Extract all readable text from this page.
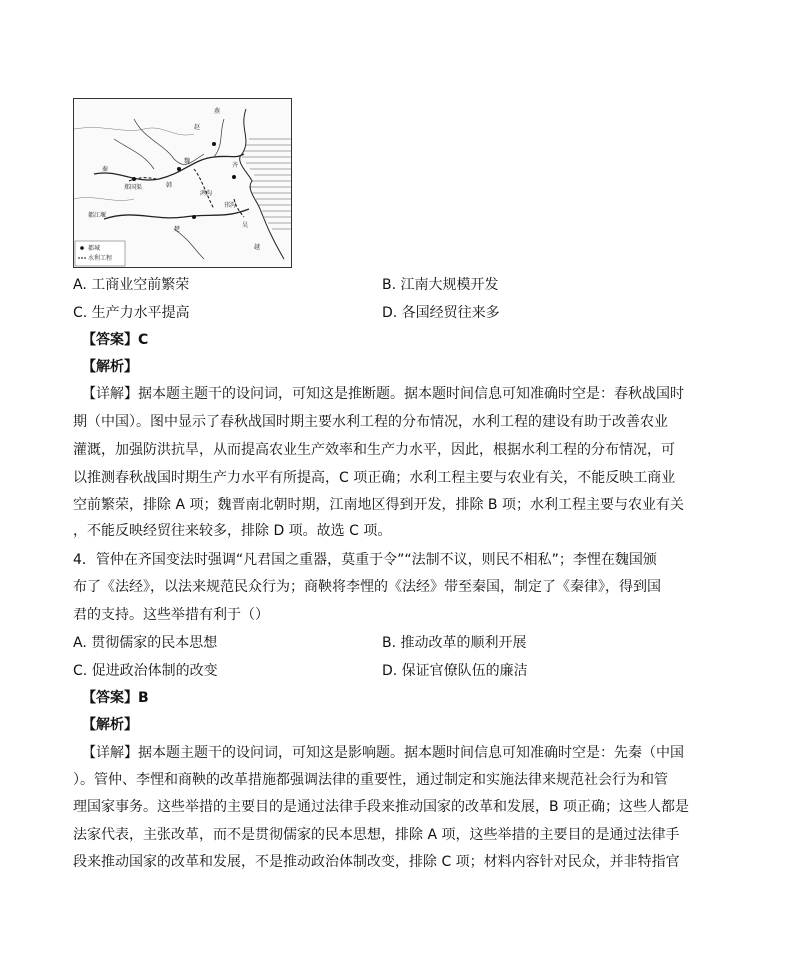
燕
赵
魏
韩
齐
秦
楚
吴
越
郑国渠
鸿沟
邗沟
都江堰
都城
水利工程
A. 工商业空前繁荣	B. 江南大规模开发
C. 生产力水平提高	D. 各国经贸往来多
【答案】C
【解析】
【详解】据本题主题干的设问词，可知这是推断题。据本题时间信息可知准确时空是：春秋战国时
期（中国）。图中显示了春秋战国时期主要水利工程的分布情况，水利工程的建设有助于改善农业
灌溉，加强防洪抗旱，从而提高农业生产效率和生产力水平，因此，根据水利工程的分布情况，可
以推测春秋战国时期生产力水平有所提高，C 项正确；水利工程主要与农业有关，不能反映工商业
空前繁荣，排除 A 项；魏晋南北朝时期，江南地区得到开发，排除 B 项；水利工程主要与农业有关
，不能反映经贸往来较多，排除 D 项。故选 C 项。
4．管仲在齐国变法时强调“凡君国之重器，莫重于令”“法制不议，则民不相私”；李悝在魏国颁
布了《法经》，以法来规范民众行为；商鞅将李悝的《法经》带至秦国，制定了《秦律》，得到国
君的支持。这些举措有利于（）
A. 贯彻儒家的民本思想	B. 推动改革的顺利开展
C. 促进政治体制的改变	D. 保证官僚队伍的廉洁
【答案】B
【解析】
【详解】据本题主题干的设问词，可知这是影响题。据本题时间信息可知准确时空是：先秦（中国
）。管仲、李悝和商鞅的改革措施都强调法律的重要性，通过制定和实施法律来规范社会行为和管
理国家事务。这些举措的主要目的是通过法律手段来推动国家的改革和发展，B 项正确；这些人都是
法家代表，主张改革，而不是贯彻儒家的民本思想，排除 A 项，这些举措的主要目的是通过法律手
段来推动国家的改革和发展，不是推动政治体制改变，排除 C 项；材料内容针对民众，并非特指官
